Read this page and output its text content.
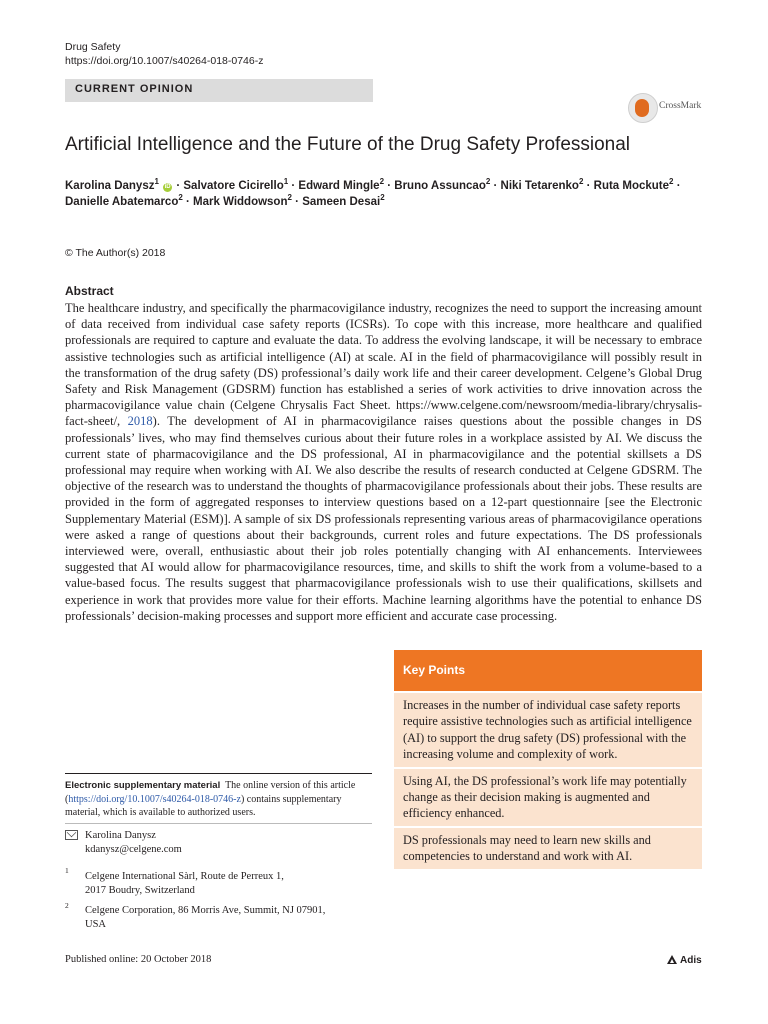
Drug Safety
https://doi.org/10.1007/s40264-018-0746-z
CURRENT OPINION
CrossMark
Artificial Intelligence and the Future of the Drug Safety Professional
Karolina Danysz$^1$ iD · Salvatore Cicirello$^1$ · Edward Mingle$^2$ · Bruno Assuncao$^2$ · Niki Tetarenko$^2$ · Ruta Mockute$^2$ ·
Danielle Abatemarco$^2$ · Mark Widdowson$^2$ · Sameen Desai$^2$
© The Author(s) 2018
Abstract
The healthcare industry, and specifically the pharmacovigilance industry, recognizes the need to support the increasing amount of data received from individual case safety reports (ICSRs). To cope with this increase, more healthcare and qualified professionals are required to capture and evaluate the data. To address the evolving landscape, it will be necessary to embrace assistive technologies such as artificial intelligence (AI) at scale. AI in the field of pharmacovigilance will possibly result in the transformation of the drug safety (DS) professional’s daily work life and their career development. Celgene’s Global Drug Safety and Risk Management (GDSRM) function has established a series of work activities to drive innovation across the pharmacovigilance value chain (Celgene Chrysalis Fact Sheet. https://www.celgene.com/newsroom/media-library/chrysalis-fact-sheet/, 2018). The development of AI in pharmacovigilance raises questions about the possible changes in DS professionals’ lives, who may find themselves curious about their future roles in a workplace assisted by AI. We discuss the current state of pharmacovigilance and the DS professional, AI in pharmacovigilance and the potential skillsets a DS professional may require when working with AI. We also describe the results of research conducted at Celgene GDSRM. The objective of the research was to understand the thoughts of pharmacovigilance professionals about their jobs. These results are provided in the form of aggregated responses to interview questions based on a 12-part questionnaire [see the Electronic Supplementary Material (ESM)]. A sample of six DS professionals representing various areas of pharmacovigilance operations were asked a range of questions about their backgrounds, current roles and future expectations. The DS professionals interviewed were, overall, enthusiastic about their job roles potentially changing with AI enhancements. Interviewees suggested that AI would allow for pharmacovigilance resources, time, and skills to shift the work from a volume-based to a value-based focus. The results suggest that pharmacovigilance professionals wish to use their qualifications, skillsets and experience in work that provides more value for their efforts. Machine learning algorithms have the potential to enhance DS professionals’ decision-making processes and support more efficient and accurate case processing.
Key Points
Increases in the number of individual case safety reports require assistive technologies such as artificial intelligence (AI) to support the drug safety (DS) professional with the increasing volume and complexity of work.
Using AI, the DS professional’s work life may potentially change as their decision making is augmented and efficiency enhanced.
DS professionals may need to learn new skills and competencies to understand and work with AI.
Electronic supplementary material The online version of this article (https://doi.org/10.1007/s40264-018-0746-z) contains supplementary material, which is available to authorized users.
Karolina Danysz
kdanysz@celgene.com
1
Celgene International Sàrl, Route de Perreux 1,
2017 Boudry, Switzerland
2 Celgene Corporation, 86 Morris Ave, Summit, NJ 07901,
USA
Published online: 20 October 2018	Adis
